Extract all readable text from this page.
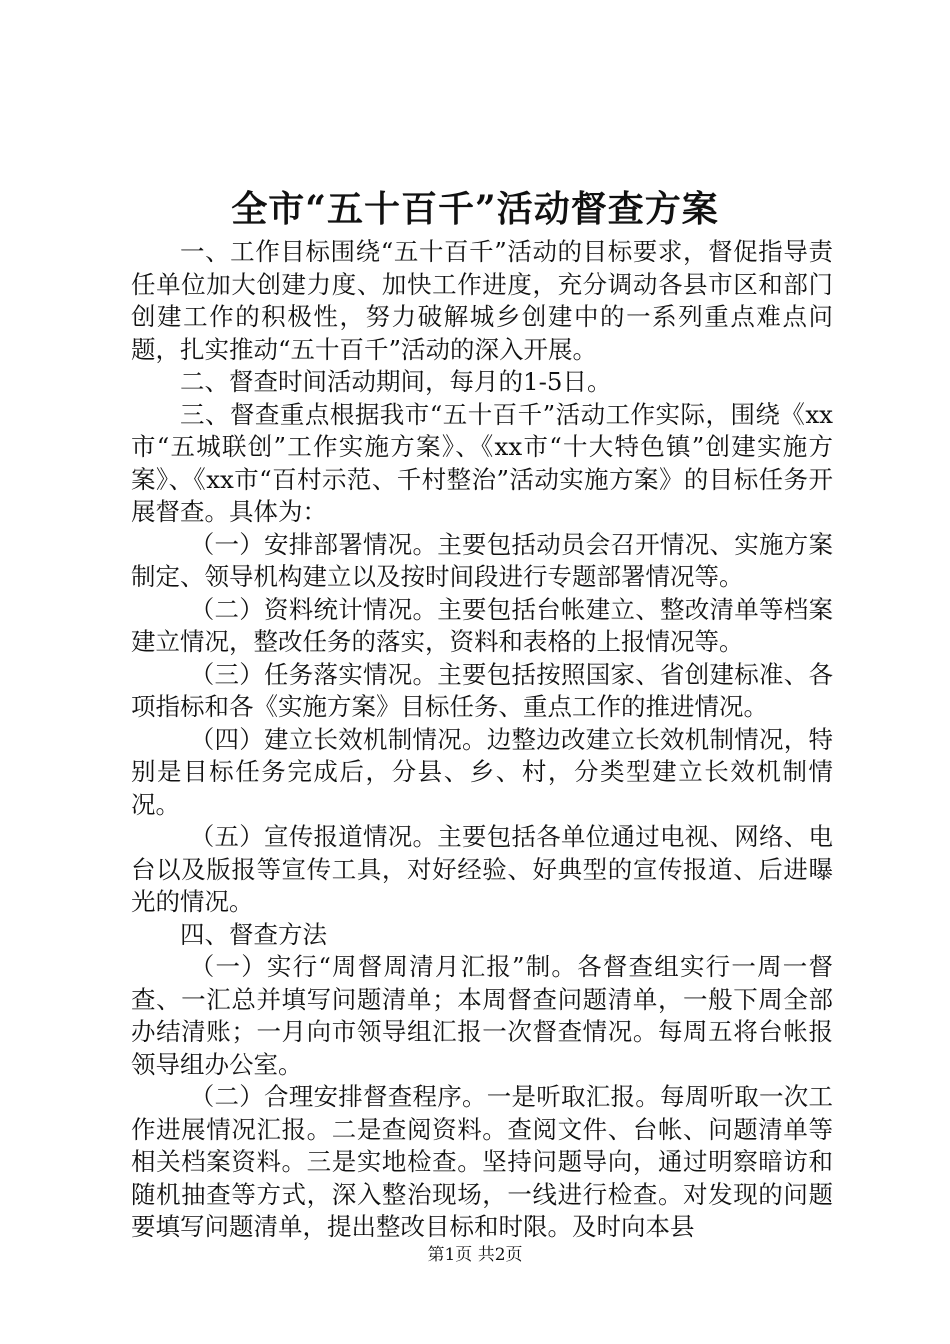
全市“五十百千”活动督查方案

一、工作目标围绕“五十百千”活动的目标要求，督促指导责任单位加大创建力度、加快工作进度，充分调动各县市区和部门创建工作的积极性，努力破解城乡创建中的一系列重点难点问题，扎实推动“五十百千”活动的深入开展。

二、督查时间活动期间，每月的1-5日。

三、督查重点根据我市“五十百千”活动工作实际，围绕《xx市“五城联创”工作实施方案》、《xx市“十大特色镇”创建实施方案》、《xx市“百村示范、千村整治”活动实施方案》的目标任务开展督查。具体为：

（一）安排部署情况。主要包括动员会召开情况、实施方案制定、领导机构建立以及按时间段进行专题部署情况等。

（二）资料统计情况。主要包括台帐建立、整改清单等档案建立情况，整改任务的落实，资料和表格的上报情况等。

（三）任务落实情况。主要包括按照国家、省创建标准、各项指标和各《实施方案》目标任务、重点工作的推进情况。

（四）建立长效机制情况。边整边改建立长效机制情况，特别是目标任务完成后，分县、乡、村，分类型建立长效机制情况。

（五）宣传报道情况。主要包括各单位通过电视、网络、电台以及版报等宣传工具，对好经验、好典型的宣传报道、后进曝光的情况。

四、督查方法

（一）实行“周督周清月汇报”制。各督查组实行一周一督查、一汇总并填写问题清单；本周督查问题清单，一般下周全部办结清账；一月向市领导组汇报一次督查情况。每周五将台帐报领导组办公室。

（二）合理安排督查程序。一是听取汇报。每周听取一次工作进展情况汇报。二是查阅资料。查阅文件、台帐、问题清单等相关档案资料。三是实地检查。坚持问题导向，通过明察暗访和随机抽查等方式，深入整治现场，一线进行检查。对发现的问题要填写问题清单，提出整改目标和时限。及时向本县

第1页 共2页
